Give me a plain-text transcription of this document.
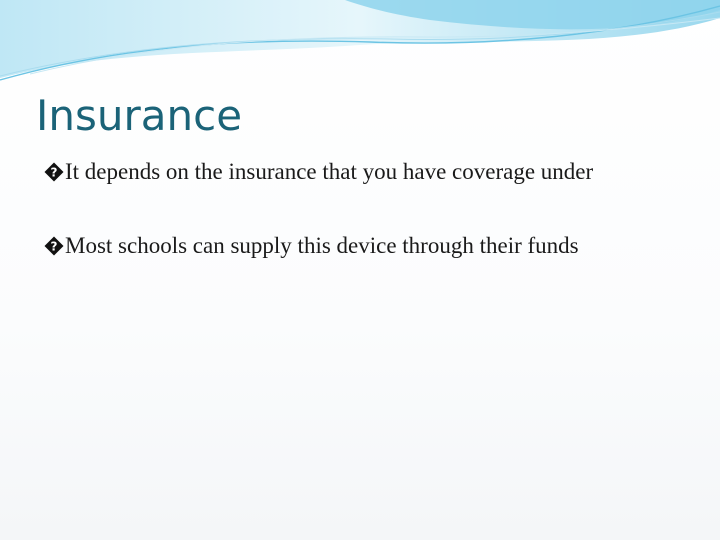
Insurance
? It depends on the insurance that you have coverage under
? Most schools can supply this device through their funds
